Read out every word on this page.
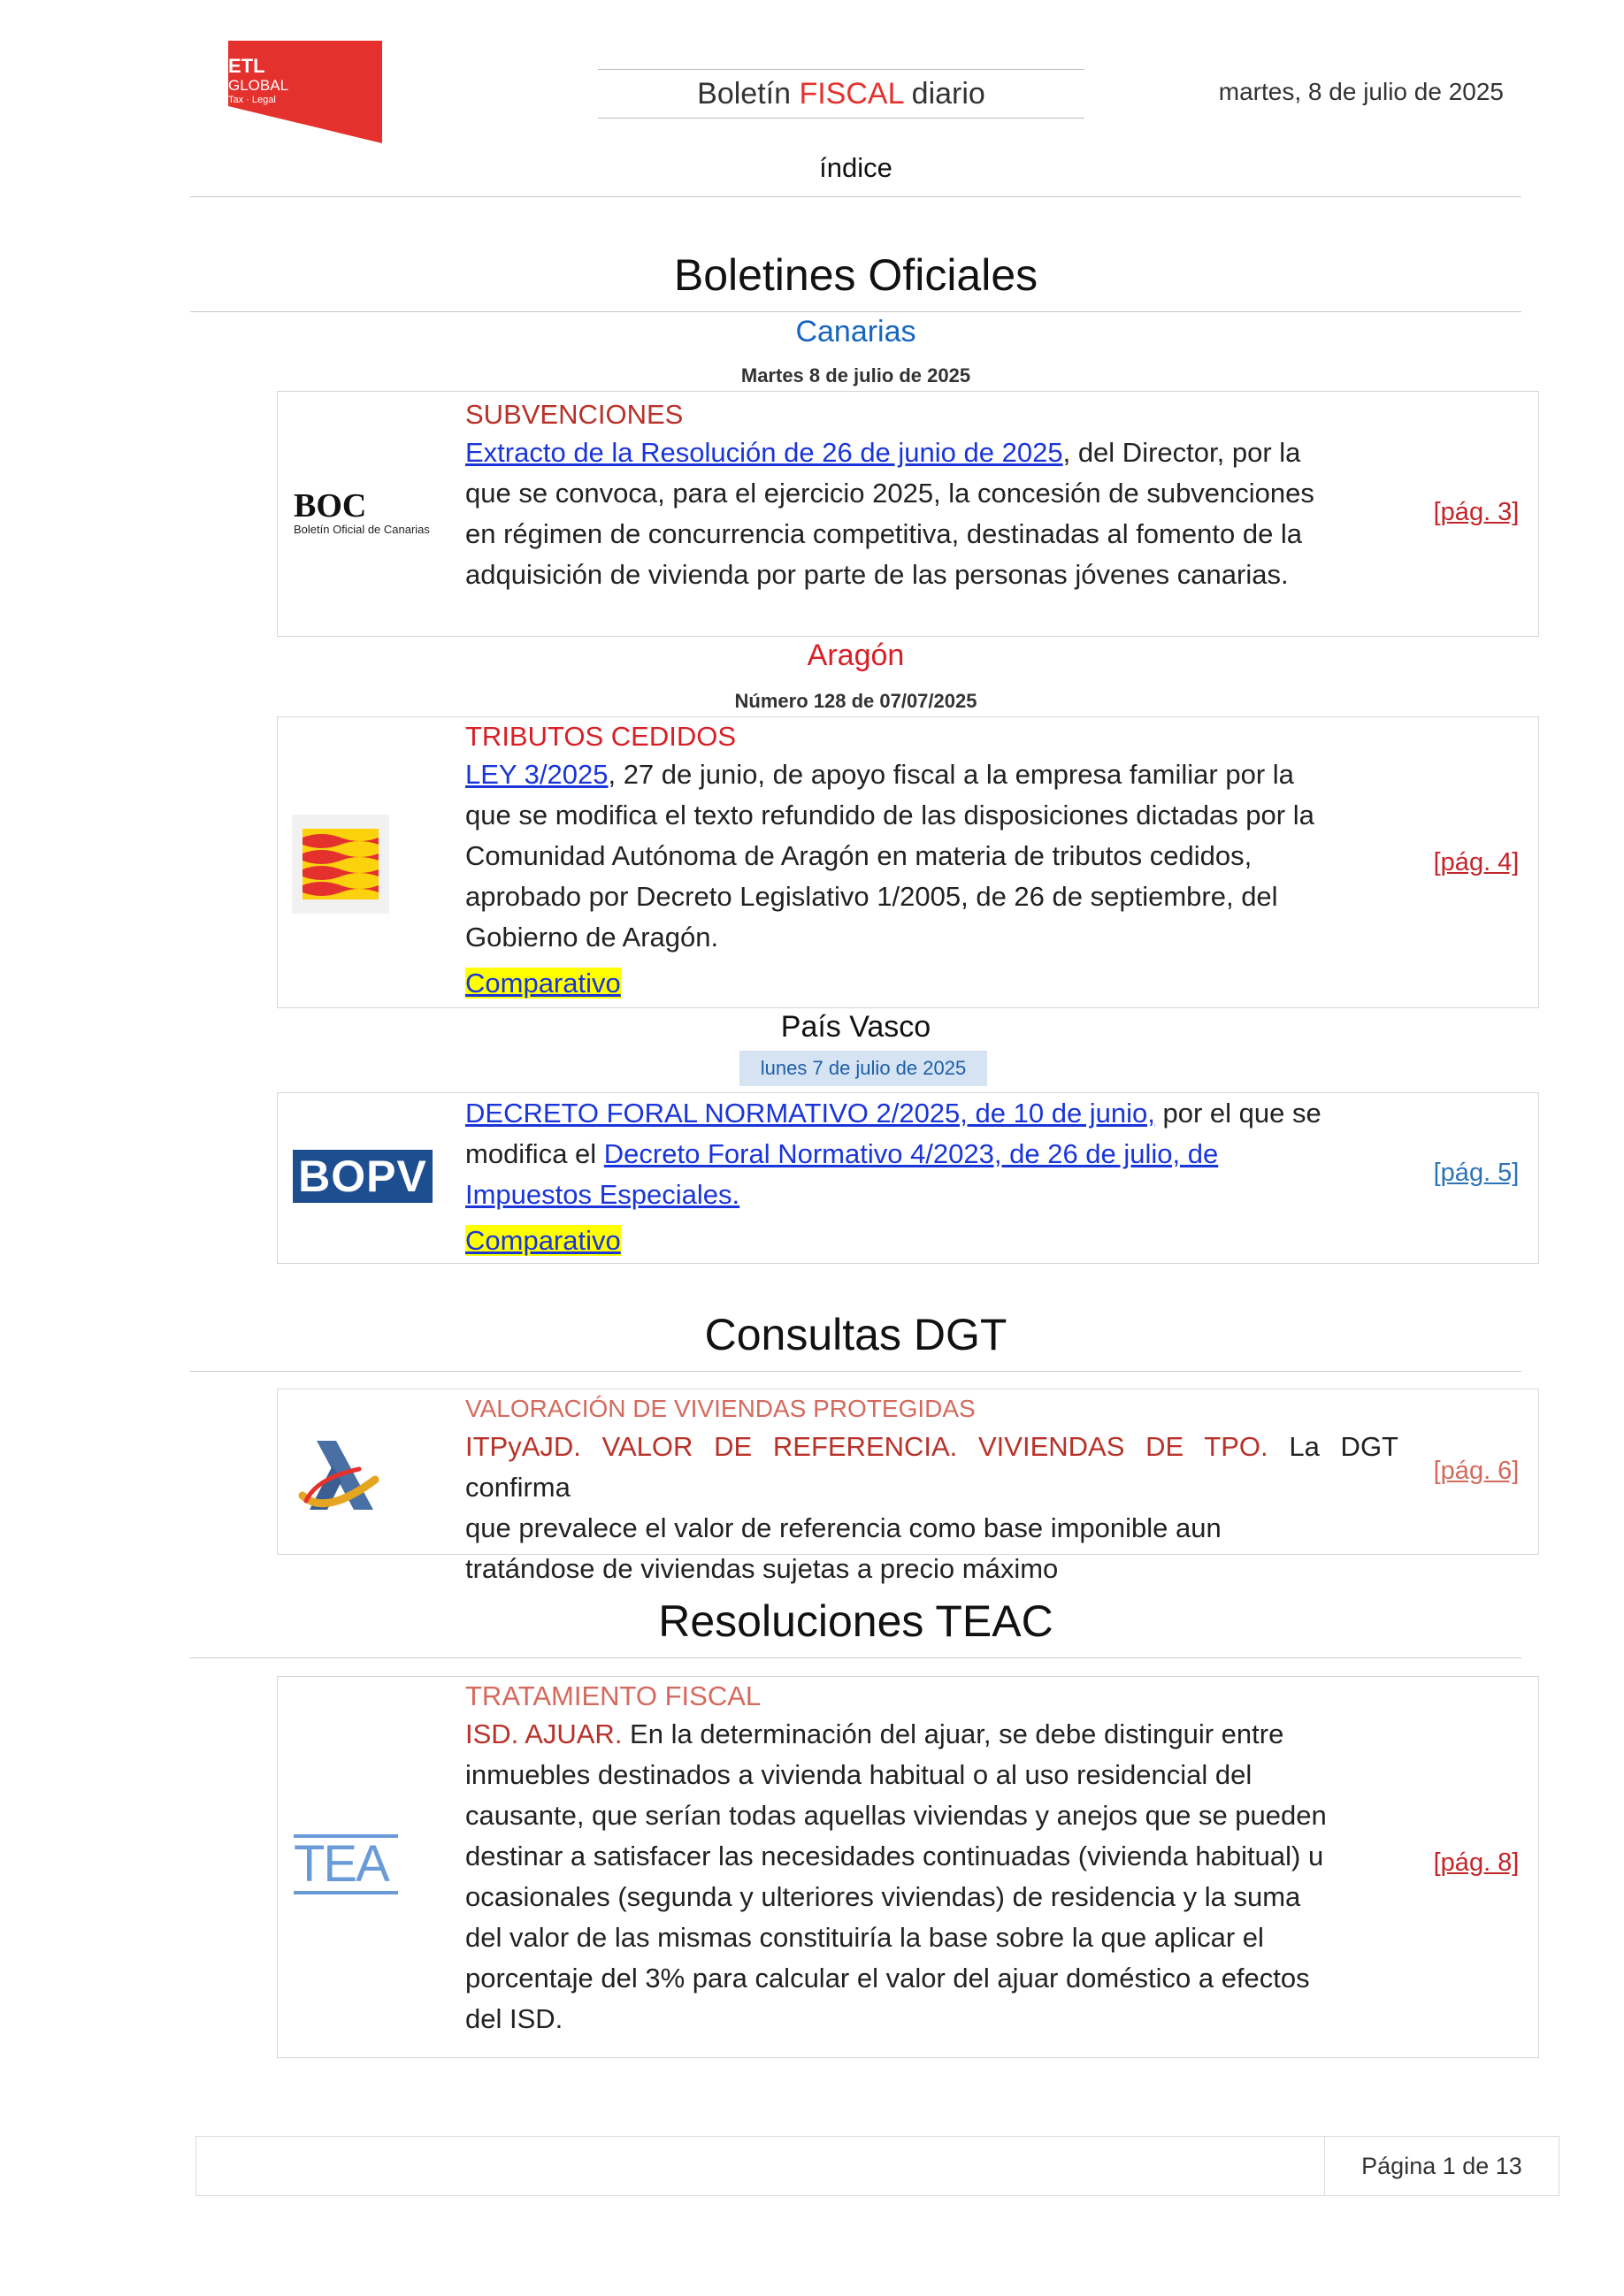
ADD
ETL
GLOBAL
Tax · Legal	Boletín FISCAL diario	martes, 8 de julio de 2025
índice
Boletines Oficiales
Canarias
Martes 8 de julio de 2025
BOC
Boletín Oficial de Canarias
SUBVENCIONES
Extracto de la Resolución de 26 de junio de 2025, del Director, por la
que se convoca, para el ejercicio 2025, la concesión de subvenciones
en régimen de concurrencia competitiva, destinadas al fomento de la
adquisición de vivienda por parte de las personas jóvenes canarias.
[pág. 3]
Aragón
Número 128 de 07/07/2025
TRIBUTOS CEDIDOS
LEY 3/2025, 27 de junio, de apoyo fiscal a la empresa familiar por la
que se modifica el texto refundido de las disposiciones dictadas por la
Comunidad Autónoma de Aragón en materia de tributos cedidos,
aprobado por Decreto Legislativo 1/2005, de 26 de septiembre, del
Gobierno de Aragón.
Comparativo
[pág. 4]
País Vasco
lunes 7 de julio de 2025
BOPV
DECRETO FORAL NORMATIVO 2/2025, de 10 de junio, por el que se
modifica el Decreto Foral Normativo 4/2023, de 26 de julio, de
Impuestos Especiales.
Comparativo
[pág. 5]
Consultas DGT
VALORACIÓN DE VIVIENDAS PROTEGIDAS
ITPyAJD. VALOR DE REFERENCIA. VIVIENDAS DE TPO. La DGT confirma
que prevalece el valor de referencia como base imponible aun
tratándose de viviendas sujetas a precio máximo
[pág. 6]
Resoluciones TEAC
TEA
TRATAMIENTO FISCAL
ISD. AJUAR. En la determinación del ajuar, se debe distinguir entre
inmuebles destinados a vivienda habitual o al uso residencial del
causante, que serían todas aquellas viviendas y anejos que se pueden
destinar a satisfacer las necesidades continuadas (vivienda habitual) u
ocasionales (segunda y ulteriores viviendas) de residencia y la suma
del valor de las mismas constituiría la base sobre la que aplicar el
porcentaje del 3% para calcular el valor del ajuar doméstico a efectos
del ISD.
[pág. 8]
Página 1 de 13
